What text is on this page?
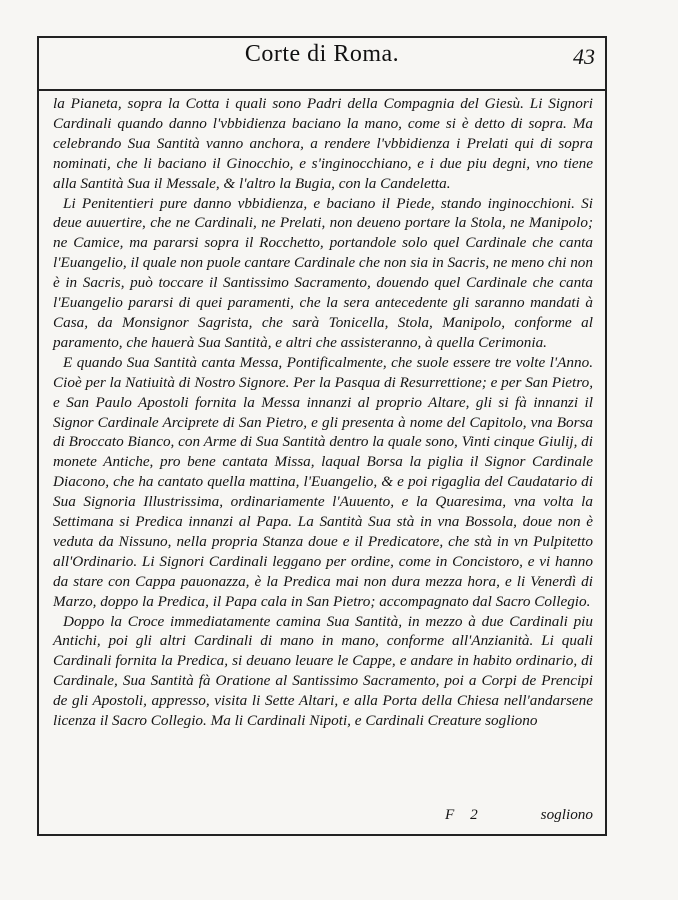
Corte di Roma.	43

la Pianeta, sopra la Cotta i quali sono Padri della Compagnia del Giesù. Li Signori Cardinali quando danno l'vbbidienza baciano la mano, come si è detto di sopra. Ma celebrando Sua Santità vanno anchora, a rendere l'vbbidienza i Prelati qui di sopra nominati, che li baciano il Ginocchio, e s'inginocchiano, e i due piu degni, vno tiene alla Santità Sua il Messale, & l'altro la Bugia, con la Candeletta.

Li Penitentieri pure danno vbbidienza, e baciano il Piede, stando inginocchioni. Si deue auuertire, che ne Cardinali, ne Prelati, non deueno portare la Stola, ne Manipolo; ne Camice, ma pararsi sopra il Rocchetto, portandole solo quel Cardinale che canta l'Euangelio, il quale non puole cantare Cardinale che non sia in Sacris, ne meno chi non è in Sacris, può toccare il Santissimo Sacramento, douendo quel Cardinale che canta l'Euangelio pararsi di quei paramenti, che la sera antecedente gli saranno mandati à Casa, da Monsignor Sagrista, che sarà Tonicella, Stola, Manipolo, conforme al paramento, che hauerà Sua Santità, e altri che assisteranno, à quella Cerimonia.

E quando Sua Santità canta Messa, Pontificalmente, che suole essere tre volte l'Anno. Cioè per la Natiuità di Nostro Signore. Per la Pasqua di Resurrettione; e per San Pietro, e San Paulo Apostoli fornita la Messa innanzi al proprio Altare, gli si fà innanzi il Signor Cardinale Arciprete di San Pietro, e gli presenta à nome del Capitolo, vna Borsa di Broccato Bianco, con Arme di Sua Santità dentro la quale sono, Vinti cinque Giulij, di monete Antiche, pro bene cantata Missa, laqual Borsa la piglia il Signor Cardinale Diacono, che ha cantato quella mattina, l'Euangelio, & e poi rigaglia del Caudatario di Sua Signoria Illustrissima, ordinariamente l'Auuento, e la Quaresima, vna volta la Settimana si Predica innanzi al Papa. La Santità Sua stà in vna Bossola, doue non è veduta da Nissuno, nella propria Stanza doue e il Predicatore, che stà in vn Pulpitetto all'Ordinario. Li Signori Cardinali leggano per ordine, come in Concistoro, e vi hanno da stare con Cappa pauonazza, è la Predica mai non dura mezza hora, e li Venerdì di Marzo, doppo la Predica, il Papa cala in San Pietro; accompagnato dal Sacro Collegio.

Doppo la Croce immediatamente camina Sua Santità, in mezzo à due Cardinali piu Antichi, poi gli altri Cardinali di mano in mano, conforme all'Anzianità. Li quali Cardinali fornita la Predica, si deuano leuare le Cappe, e andare in habito ordinario, di Cardinale, Sua Santità fà Oratione al Santissimo Sacramento, poi a Corpi de Prencipi de gli Apostoli, appresso, visita li Sette Altari, e alla Porta della Chiesa nell'andarsene licenza il Sacro Collegio. Ma li Cardinali Nipoti, e Cardinali Creature sogliono

F 2	sogliono
